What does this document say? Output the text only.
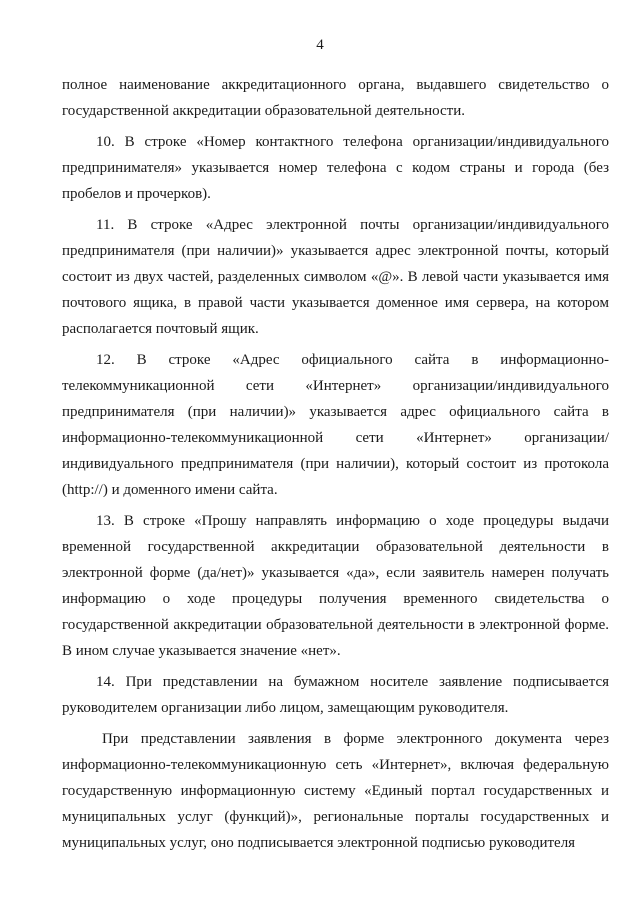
4

полное наименование аккредитационного органа, выдавшего свидетельство о государственной аккредитации образовательной деятельности.

10. В строке «Номер контактного телефона организации/индивидуального предпринимателя» указывается номер телефона с кодом страны и города (без пробелов и прочерков).

11. В строке «Адрес электронной почты организации/индивидуального предпринимателя (при наличии)» указывается адрес электронной почты, который состоит из двух частей, разделенных символом «@». В левой части указывается имя почтового ящика, в правой части указывается доменное имя сервера, на котором располагается почтовый ящик.

12. В строке «Адрес официального сайта в информационно-телекоммуникационной сети «Интернет» организации/индивидуального предпринимателя (при наличии)» указывается адрес официального сайта в информационно-телекоммуникационной сети «Интернет» организации/ индивидуального предпринимателя (при наличии), который состоит из протокола (http://) и доменного имени сайта.

13. В строке «Прошу направлять информацию о ходе процедуры выдачи временной государственной аккредитации образовательной деятельности в электронной форме (да/нет)» указывается «да», если заявитель намерен получать информацию о ходе процедуры получения временного свидетельства о государственной аккредитации образовательной деятельности в электронной форме. В ином случае указывается значение «нет».

14. При представлении на бумажном носителе заявление подписывается руководителем организации либо лицом, замещающим руководителя.

При представлении заявления в форме электронного документа через информационно-телекоммуникационную сеть «Интернет», включая федеральную государственную информационную систему «Единый портал государственных и муниципальных услуг (функций)», региональные порталы государственных и муниципальных услуг, оно подписывается электронной подписью руководителя
